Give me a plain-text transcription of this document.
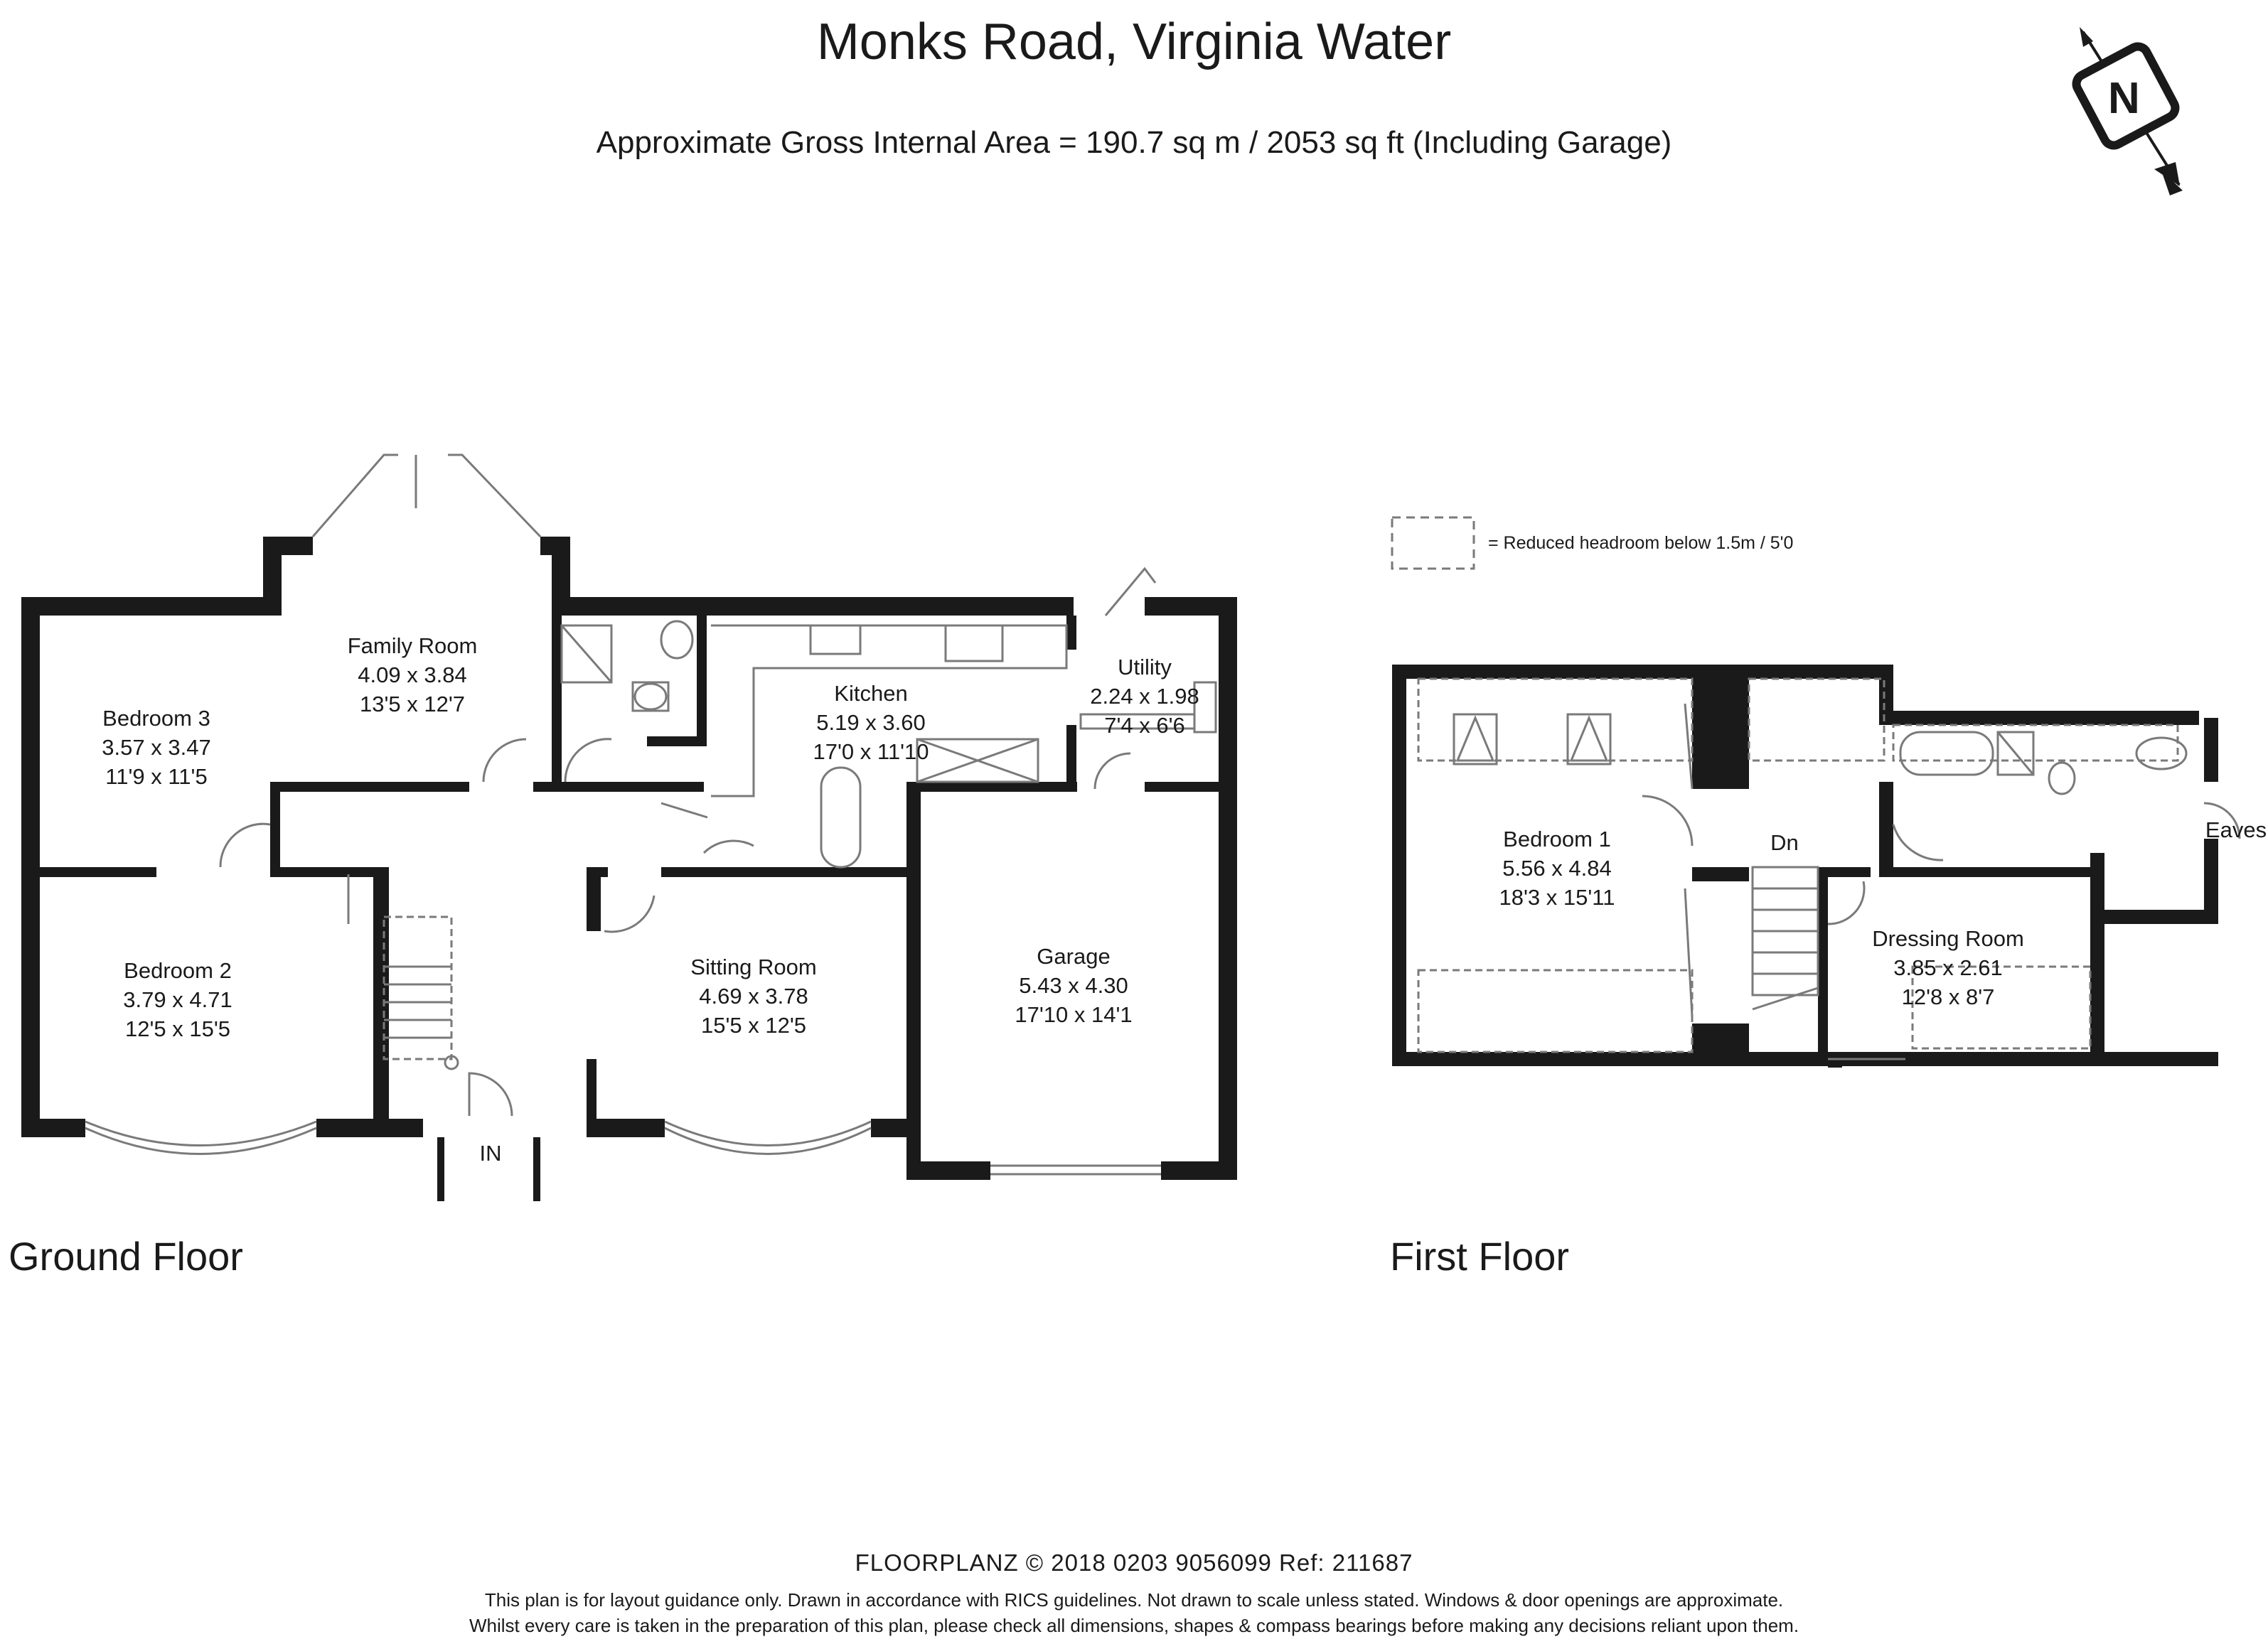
Monks Road, Virginia Water
Approximate Gross Internal Area = 190.7 sq m / 2053 sq ft (Including Garage)
Family Room
4.09 x 3.84
13'5 x 12'7
Bedroom 3
3.57 x 3.47
11'9 x 11'5
Kitchen
5.19 x 3.60
17'0 x 11'10
Utility
2.24 x 1.98
7'4 x 6'6
Bedroom 2
3.79 x 4.71
12'5 x 15'5
Sitting Room
4.69 x 3.78
15'5 x 12'5
Garage
5.43 x 4.30
17'10 x 14'1
IN
Bedroom 1
5.56 x 4.84
18'3 x 15'11
Dressing Room
3.85 x 2.61
12'8 x 8'7
Dn
Eaves
= Reduced headroom below 1.5m / 5'0
Ground Floor	First Floor
FLOORPLANZ © 2018 0203 9056099 Ref: 211687
This plan is for layout guidance only. Drawn in accordance with RICS guidelines. Not drawn to scale unless stated. Windows & door openings are approximate.
Whilst every care is taken in the preparation of this plan, please check all dimensions, shapes & compass bearings before making any decisions reliant upon them.
N
